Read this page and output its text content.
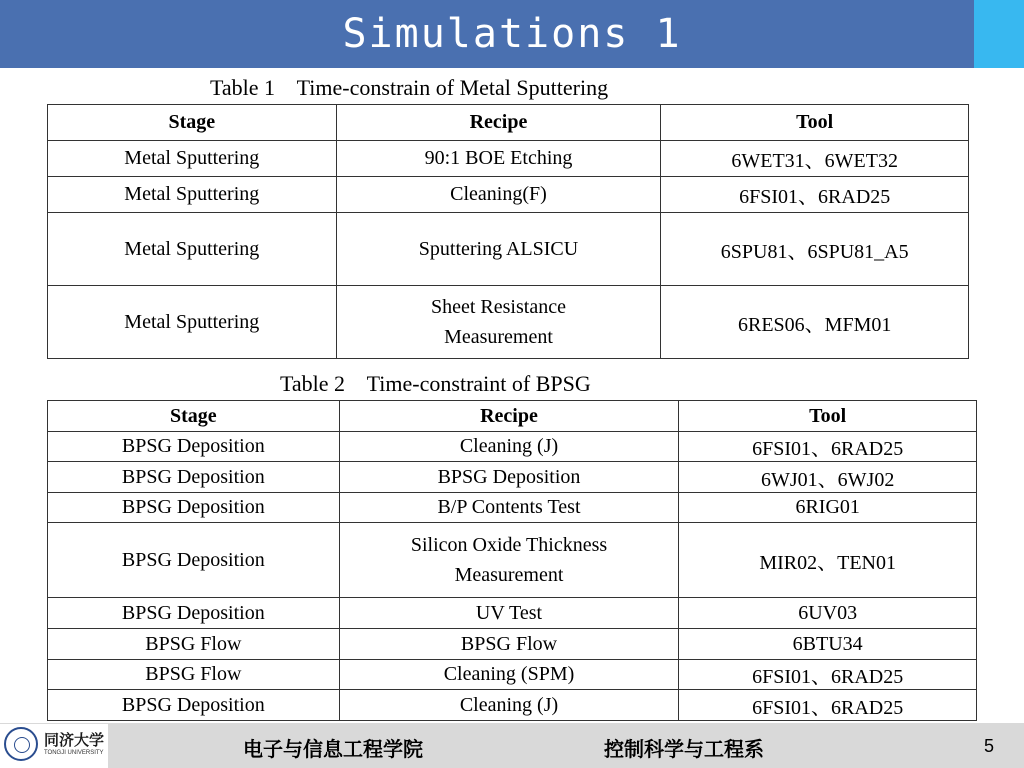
Simulations 1
Table 1    Time-constrain of Metal Sputtering
Stage	Recipe	Tool
Metal Sputtering	90:1 BOE Etching	6WET31、6WET32
Metal Sputtering	Cleaning(F)	6FSI01、6RAD25
Metal Sputtering	Sputtering ALSICU	6SPU81、6SPU81_A5
Metal Sputtering	Sheet Resistance Measurement	6RES06、MFM01
Table 2    Time-constraint of BPSG
Stage	Recipe	Tool
BPSG Deposition	Cleaning (J)	6FSI01、6RAD25
BPSG Deposition	BPSG Deposition	6WJ01、6WJ02
BPSG Deposition	B/P Contents Test	6RIG01
BPSG Deposition	Silicon Oxide Thickness Measurement	MIR02、TEN01
BPSG Deposition	UV Test	6UV03
BPSG Flow	BPSG Flow	6BTU34
BPSG Flow	Cleaning (SPM)	6FSI01、6RAD25
BPSG Deposition	Cleaning (J)	6FSI01、6RAD25
同济大学
TONGJI UNIVERSITY	电子与信息工程学院	控制科学与工程系	5
